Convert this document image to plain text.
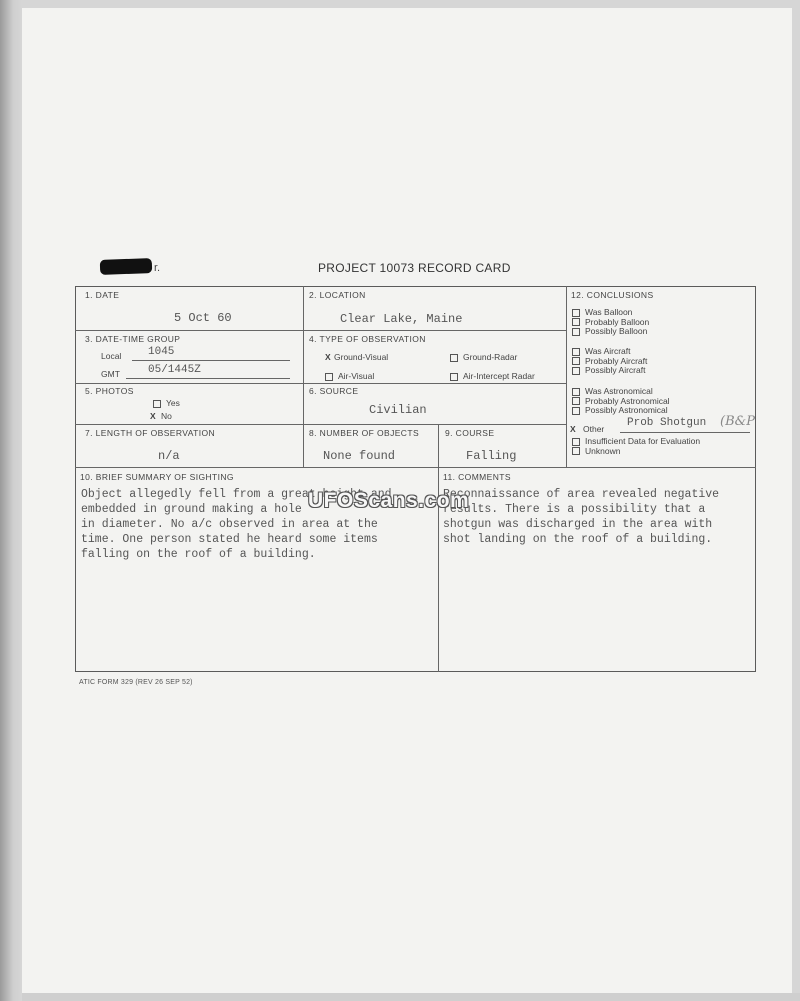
r.	PROJECT 10073 RECORD CARD
1. DATE
5 Oct 60
2. LOCATION
Clear Lake, Maine
3. DATE-TIME GROUP
Local 1045
GMT	05/1445Z
4. TYPE OF OBSERVATION
X Ground-Visual	Ground-Radar
Air-Visual	Air-Intercept Radar
5. PHOTOS
Yes
X No
6. SOURCE
Civilian
7. LENGTH OF OBSERVATION
n/a
8. NUMBER OF OBJECTS
None found
9. COURSE
Falling
12. CONCLUSIONS
Was Balloon
Probably Balloon
Possibly Balloon
Was Aircraft
Probably Aircraft
Possibly Aircraft
Was Astronomical
Probably Astronomical
Possibly Astronomical
X Other Prob Shotgun (B&P
Insufficient Data for Evaluation
Unknown
10. BRIEF SUMMARY OF SIGHTING
Object allegedly fell from a great height and
embedded in ground making a hole
in diameter. No a/c observed in area at the
time. One person stated he heard some items
falling on the roof of a building.
11. COMMENTS
Reconnaissance of area revealed negative
results. There is a possibility that a
shotgun was discharged in the area with
shot landing on the roof of a building.
UFOScans.com
ATIC FORM 329 (REV 26 SEP 52)
